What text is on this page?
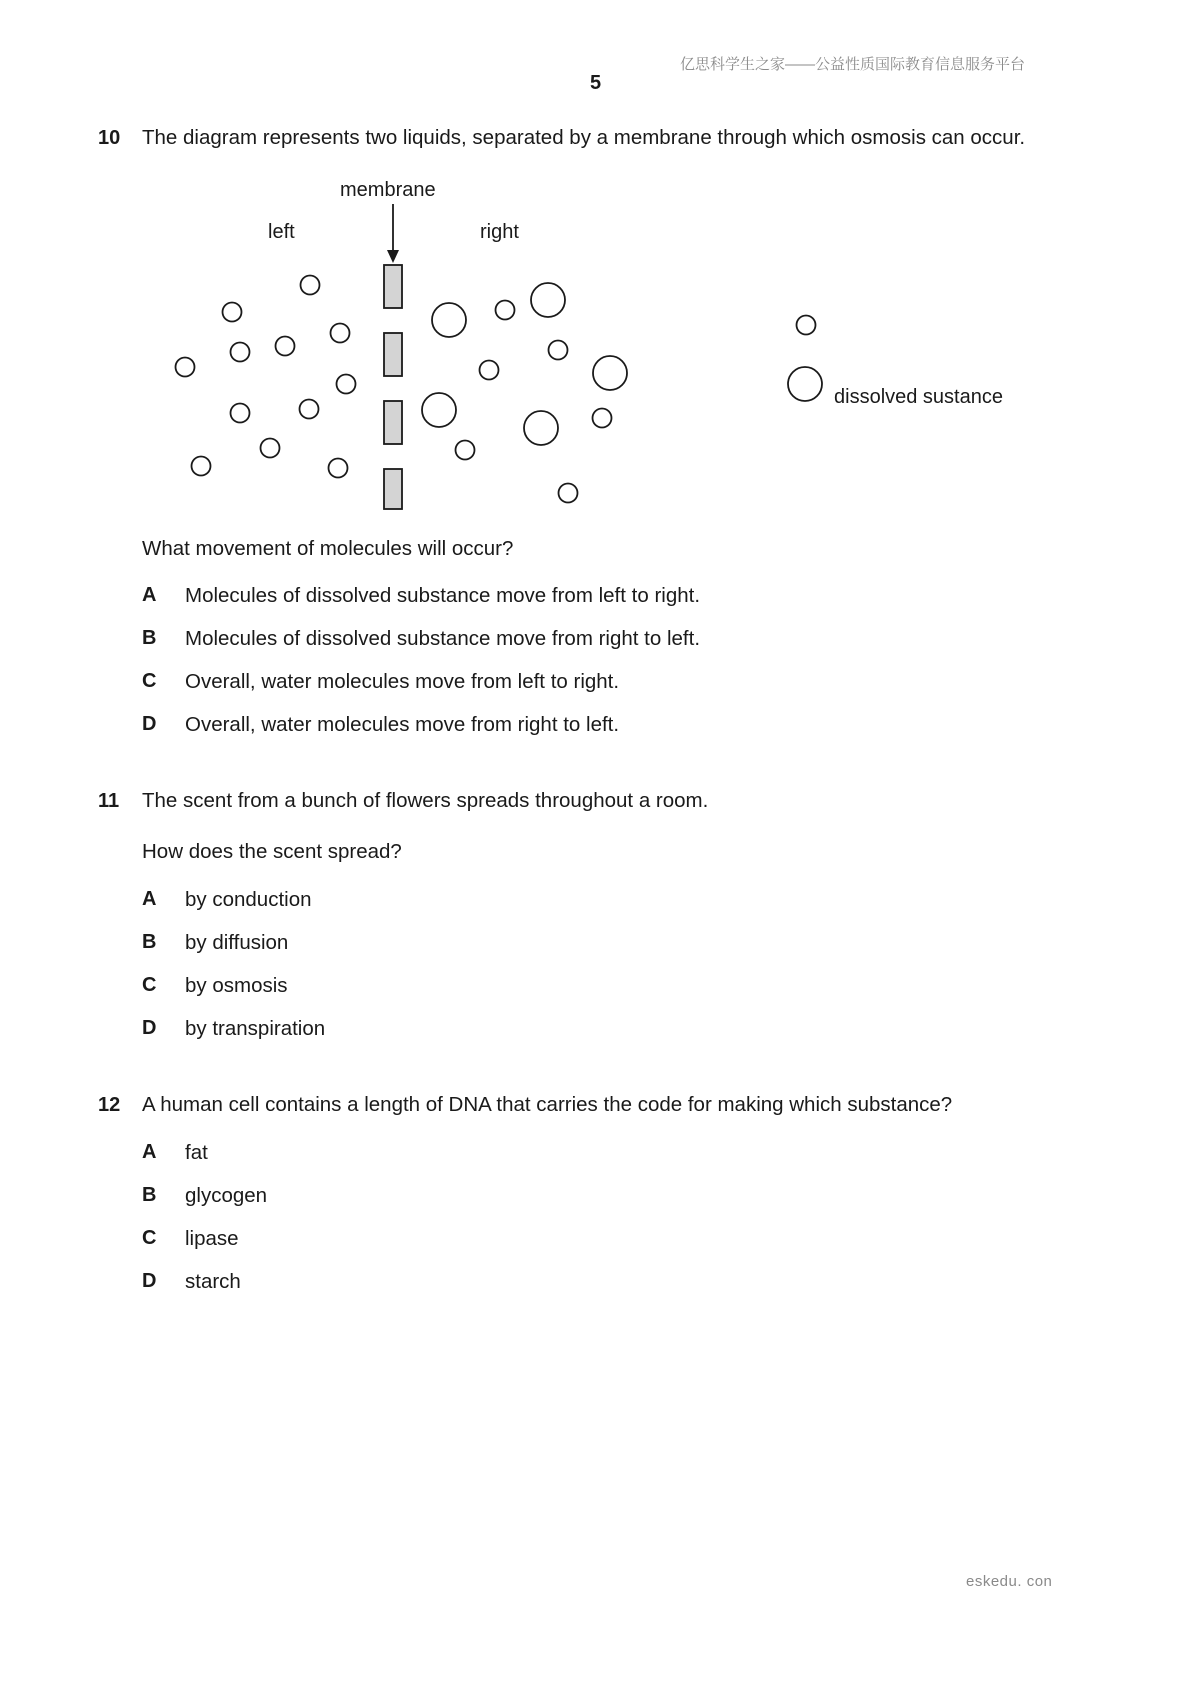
亿思科学生之家——公益性质国际教育信息服务平台
5
10 The diagram represents two liquids, separated by a membrane through which osmosis can occur.
membrane
left	right
dissolved sustance
What movement of molecules will occur?
A Molecules of dissolved substance move from left to right.
B Molecules of dissolved substance move from right to left.
C Overall, water molecules move from left to right.
D Overall, water molecules move from right to left.
11 The scent from a bunch of flowers spreads throughout a room.
How does the scent spread?
A by conduction
B by diffusion
C by osmosis
D by transpiration
12 A human cell contains a length of DNA that carries the code for making which substance?
A fat
B glycogen
C lipase
D starch
eskedu. con
